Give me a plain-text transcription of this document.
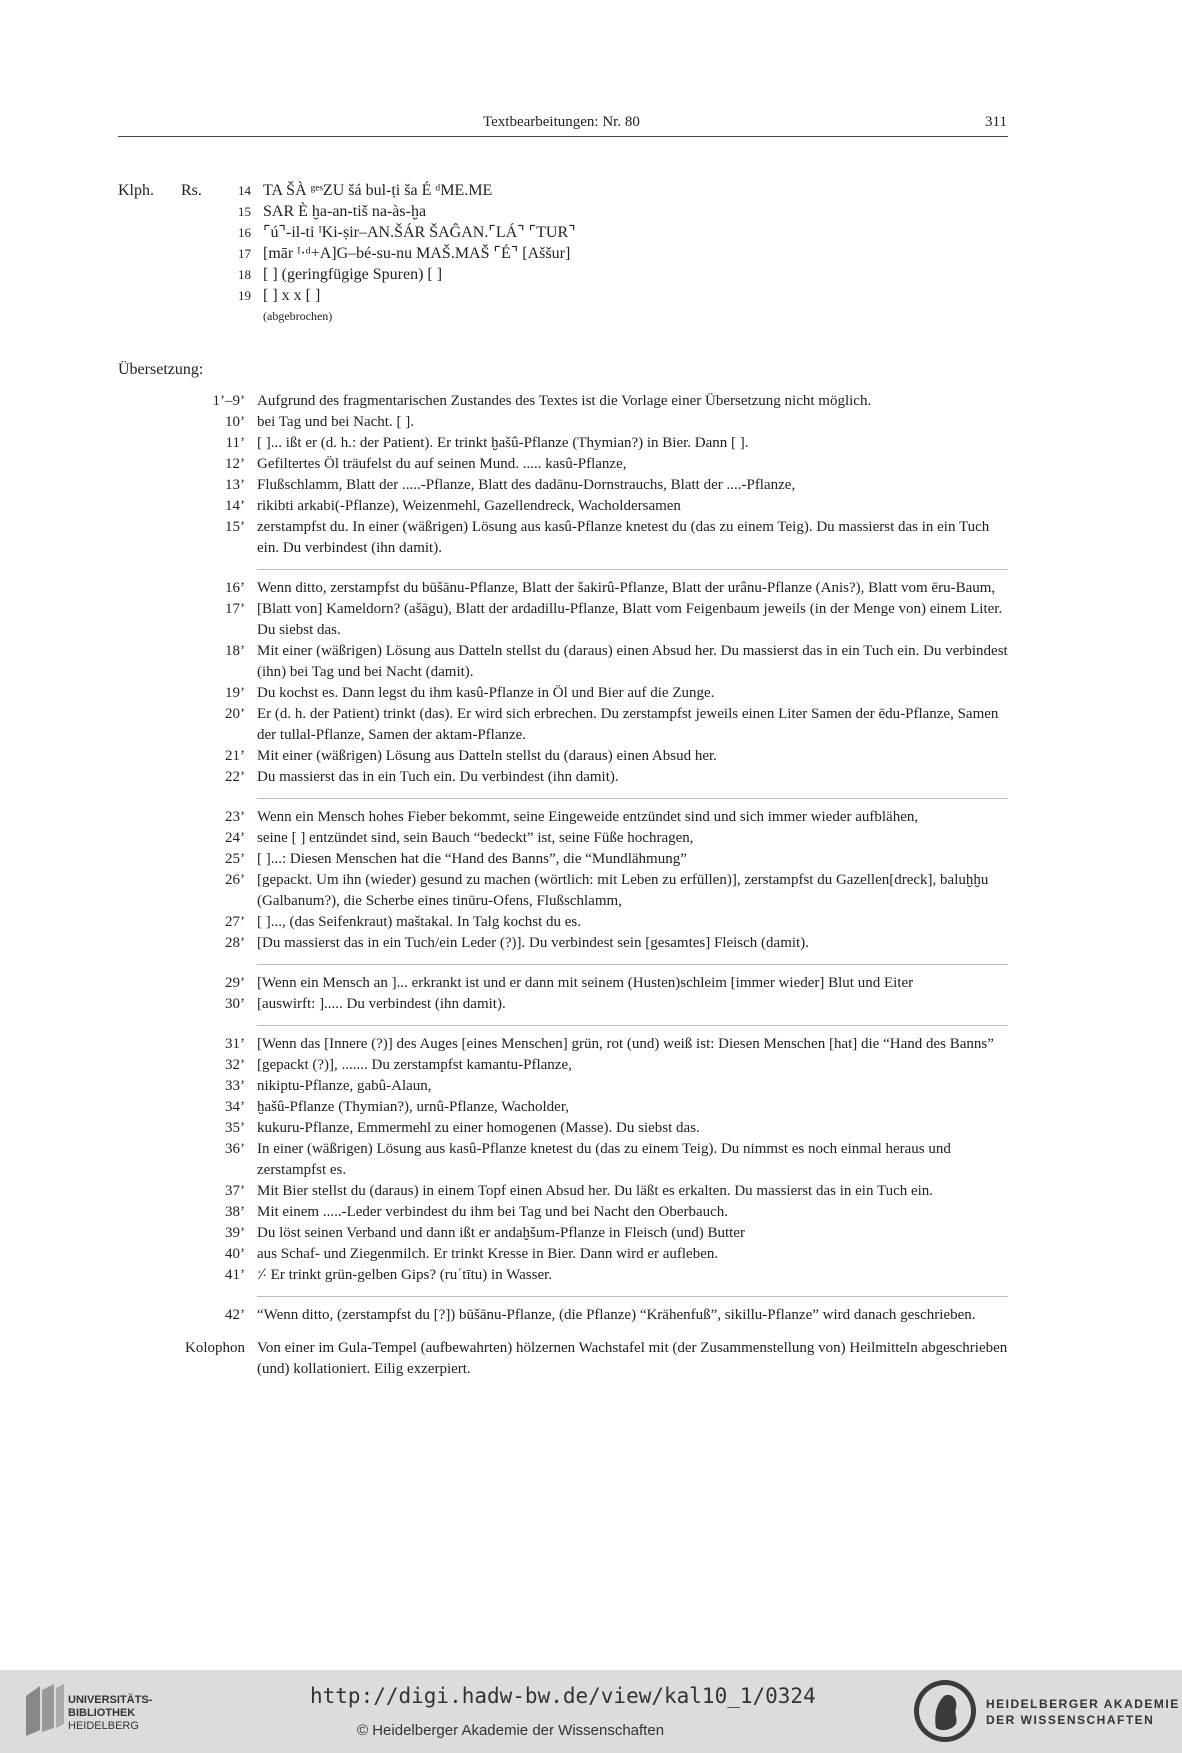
Textbearbeitungen: Nr. 80	311
Klph.	Rs.	14 TA ŠÀ ᵍᵉˢZU šá bul-ṭi ša É ᵈME.ME
15 SAR È ḫa-an-tiš na-às-ḫa
16 ⌜ú⌝-il-ti ᴵKi-ṣir–AN.ŠÁR ŠAĜAN.⌜LÁ⌝ ⌜TUR⌝
17 [mār ᴵ·ᵈ+A]G–bé-su-nu MAŠ.MAŠ ⌜É⌝ [Aššur]
18 [ ] (geringfügige Spuren) [ ]
19 [ ] x x [ ]
(abgebrochen)
Übersetzung:
1’–9’ Aufgrund des fragmentarischen Zustandes des Textes ist die Vorlage einer Übersetzung nicht möglich.
10’ bei Tag und bei Nacht. [ ].
11’ [ ]... ißt er (d. h.: der Patient). Er trinkt ḫašû-Pflanze (Thymian?) in Bier. Dann [ ].
12’ Gefiltertes Öl träufelst du auf seinen Mund. ..... kasû-Pflanze,
13’ Flußschlamm, Blatt der .....-Pflanze, Blatt des dadānu-Dornstrauchs, Blatt der ....-Pflanze,
14’ rikibti arkabi(-Pflanze), Weizenmehl, Gazellendreck, Wacholdersamen
15’ zerstampfst du. In einer (wäßrigen) Lösung aus kasû-Pflanze knetest du (das zu einem Teig). Du massierst das in ein Tuch ein. Du verbindest (ihn damit).
16’ Wenn ditto, zerstampfst du būšānu-Pflanze, Blatt der šakirû-Pflanze, Blatt der urânu-Pflanze (Anis?), Blatt vom ēru-Baum,
17’ [Blatt von] Kameldorn? (ašāgu), Blatt der ardadillu-Pflanze, Blatt vom Feigenbaum jeweils (in der Menge von) einem Liter. Du siebst das.
18’ Mit einer (wäßrigen) Lösung aus Datteln stellst du (daraus) einen Absud her. Du massierst das in ein Tuch ein. Du verbindest (ihn) bei Tag und bei Nacht (damit).
19’ Du kochst es. Dann legst du ihm kasû-Pflanze in Öl und Bier auf die Zunge.
20’ Er (d. h. der Patient) trinkt (das). Er wird sich erbrechen. Du zerstampfst jeweils einen Liter Samen der ēdu-Pflanze, Samen der tullal-Pflanze, Samen der aktam-Pflanze.
21’ Mit einer (wäßrigen) Lösung aus Datteln stellst du (daraus) einen Absud her.
22’ Du massierst das in ein Tuch ein. Du verbindest (ihn damit).
23’ Wenn ein Mensch hohes Fieber bekommt, seine Eingeweide entzündet sind und sich immer wieder aufblähen,
24’ seine [ ] entzündet sind, sein Bauch “bedeckt” ist, seine Füße hochragen,
25’ [ ]...: Diesen Menschen hat die “Hand des Banns”, die “Mundlähmung”
26’ [gepackt. Um ihn (wieder) gesund zu machen (wörtlich: mit Leben zu erfüllen)], zerstampfst du Gazellen[dreck], baluḫḫu (Galbanum?), die Scherbe eines tinūru-Ofens, Flußschlamm,
27’ [ ]..., (das Seifenkraut) maštakal. In Talg kochst du es.
28’ [Du massierst das in ein Tuch/ein Leder (?)]. Du verbindest sein [gesamtes] Fleisch (damit).
29’ [Wenn ein Mensch an ]... erkrankt ist und er dann mit seinem (Husten)schleim [immer wieder] Blut und Eiter
30’ [auswirft: ]..... Du verbindest (ihn damit).
31’ [Wenn das [Innere (?)] des Auges [eines Menschen] grün, rot (und) weiß ist: Diesen Menschen [hat] die “Hand des Banns”
32’ [gepackt (?)], ....... Du zerstampfst kamantu-Pflanze,
33’ nikiptu-Pflanze, gabû-Alaun,
34’ ḫašû-Pflanze (Thymian?), urnû-Pflanze, Wacholder,
35’ kukuru-Pflanze, Emmermehl zu einer homogenen (Masse). Du siebst das.
36’ In einer (wäßrigen) Lösung aus kasû-Pflanze knetest du (das zu einem Teig). Du nimmst es noch einmal heraus und zerstampfst es.
37’ Mit Bier stellst du (daraus) in einem Topf einen Absud her. Du läßt es erkalten. Du massierst das in ein Tuch ein.
38’ Mit einem .....-Leder verbindest du ihm bei Tag und bei Nacht den Oberbauch.
39’ Du löst seinen Verband und dann ißt er andaḫšum-Pflanze in Fleisch (und) Butter
40’ aus Schaf- und Ziegenmilch. Er trinkt Kresse in Bier. Dann wird er aufleben.
41’ ⸓ Er trinkt grün-gelben Gips? (ruʾtītu) in Wasser.
42’ “Wenn ditto, (zerstampfst du [?]) būšānu-Pflanze, (die Pflanze) “Krähenfuß”, sikillu-Pflanze” wird danach geschrieben.
Kolophon Von einer im Gula-Tempel (aufbewahrten) hölzernen Wachstafel mit (der Zusammenstellung von) Heilmitteln abgeschrieben (und) kollationiert. Eilig exzerpiert.
UNIVERSITÄTS-
BIBLIOTHEK
HEIDELBERG
http://digi.hadw-bw.de/view/kal10_1/0324
© Heidelberger Akademie der Wissenschaften
HEIDELBERGER AKADEMIE
DER WISSENSCHAFTEN
